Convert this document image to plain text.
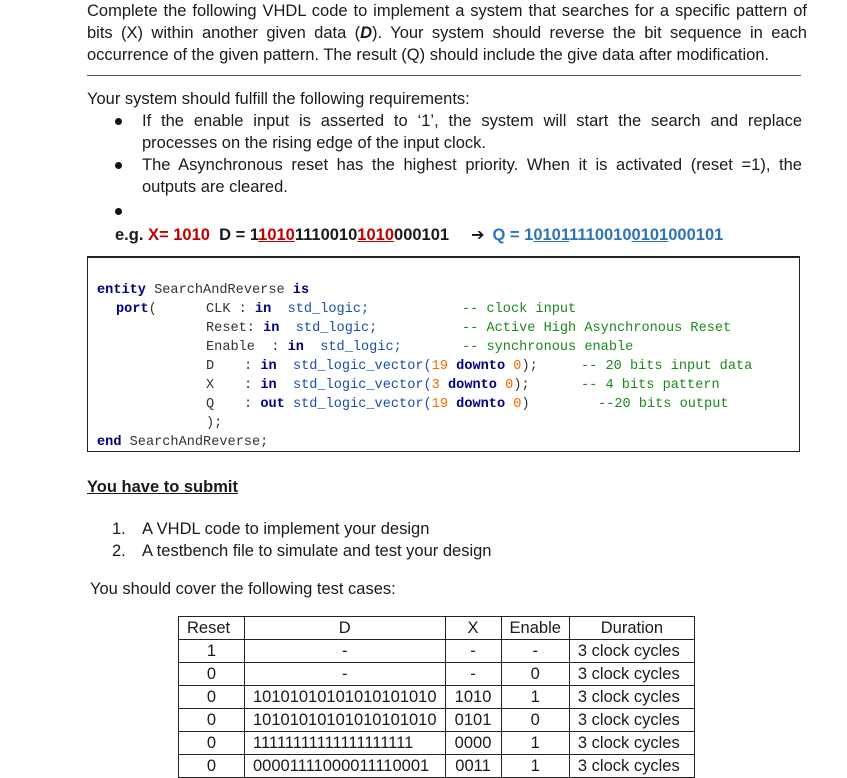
Complete the following VHDL code to implement a system that searches for a specific pattern of bits (X) within another given data (D). Your system should reverse the bit sequence in each occurrence of the given pattern. The result (Q) should include the give data after modification.
Your system should fulfill the following requirements:
If the enable input is asserted to ‘1’, the system will start the search and replace processes on the rising edge of the input clock.
The Asynchronous reset has the highest priority. When it is activated (reset =1), the outputs are cleared.
e.g. X= 1010 D = 1101011100101010000101 ➔ Q = 1010111100100101000101
entity SearchAndReverse is
port(	CLK : in std_logic;	-- clock input
Reset: in std_logic;	-- Active High Asynchronous Reset
Enable  : in std_logic;	-- synchronous enable
D : in std_logic_vector(19 downto 0);	-- 20 bits input data
X : in std_logic_vector(3 downto 0);	-- 4 bits pattern
Q : out std_logic_vector(19 downto 0)	--20 bits output
);
end SearchAndReverse;
You have to submit
1. A VHDL code to implement your design
2. A testbench file to simulate and test your design
You should cover the following test cases:
Reset	D	X	Enable	Duration
1	-	-	-	3 clock cycles
0	-	-	0	3 clock cycles
0	10101010101010101010	1010	1	3 clock cycles
0	10101010101010101010	0101	0	3 clock cycles
0	11111111111111111111	0000	1	3 clock cycles
0	00001111000011110001	0011	1	3 clock cycles
